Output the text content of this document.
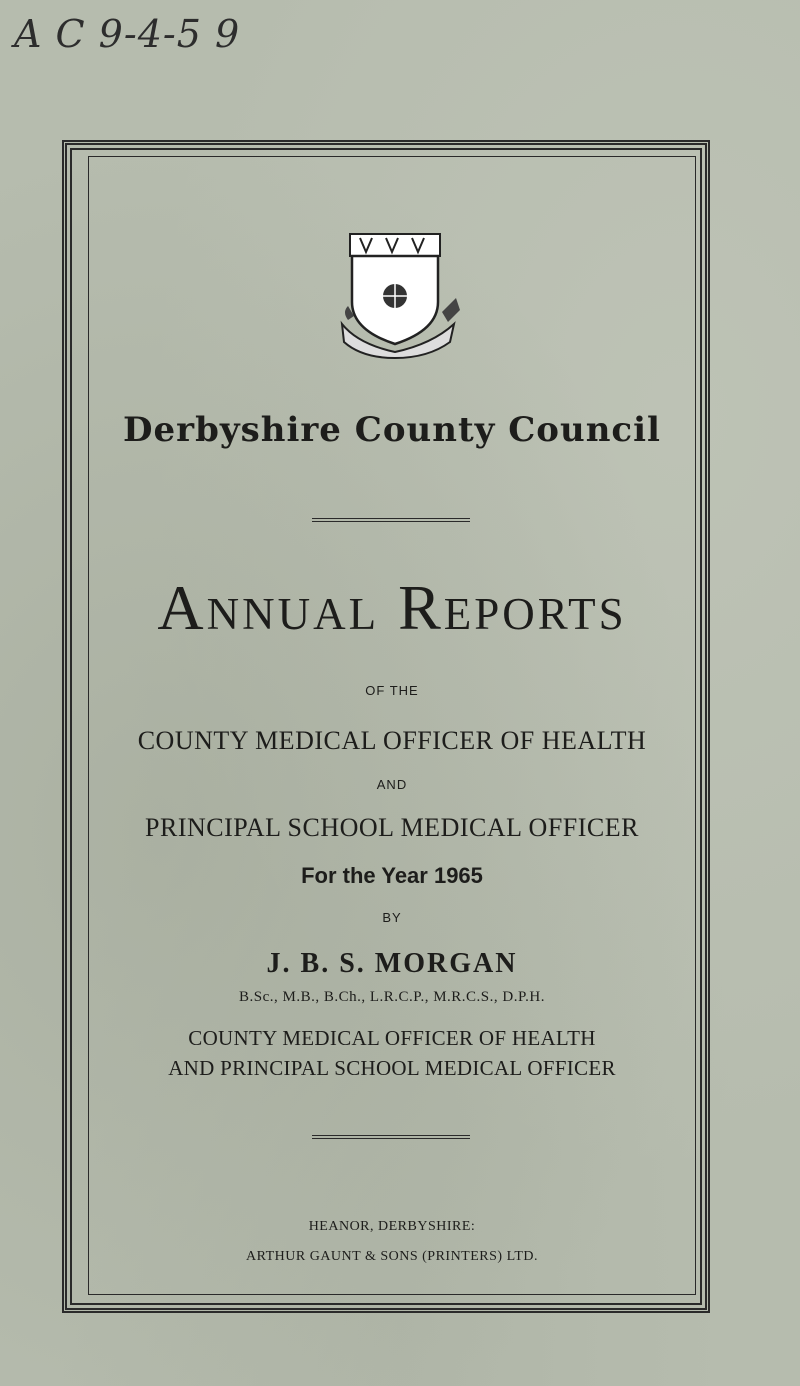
A C 9-4-5 9
Derbyshire County Council
Annual Reports
OF THE
COUNTY MEDICAL OFFICER OF HEALTH
AND
PRINCIPAL SCHOOL MEDICAL OFFICER
For the Year 1965
BY
J. B. S. MORGAN
B.Sc., M.B., B.Ch., L.R.C.P., M.R.C.S., D.P.H.
COUNTY MEDICAL OFFICER OF HEALTH
AND PRINCIPAL SCHOOL MEDICAL OFFICER
HEANOR, DERBYSHIRE:
ARTHUR GAUNT & SONS (PRINTERS) LTD.
